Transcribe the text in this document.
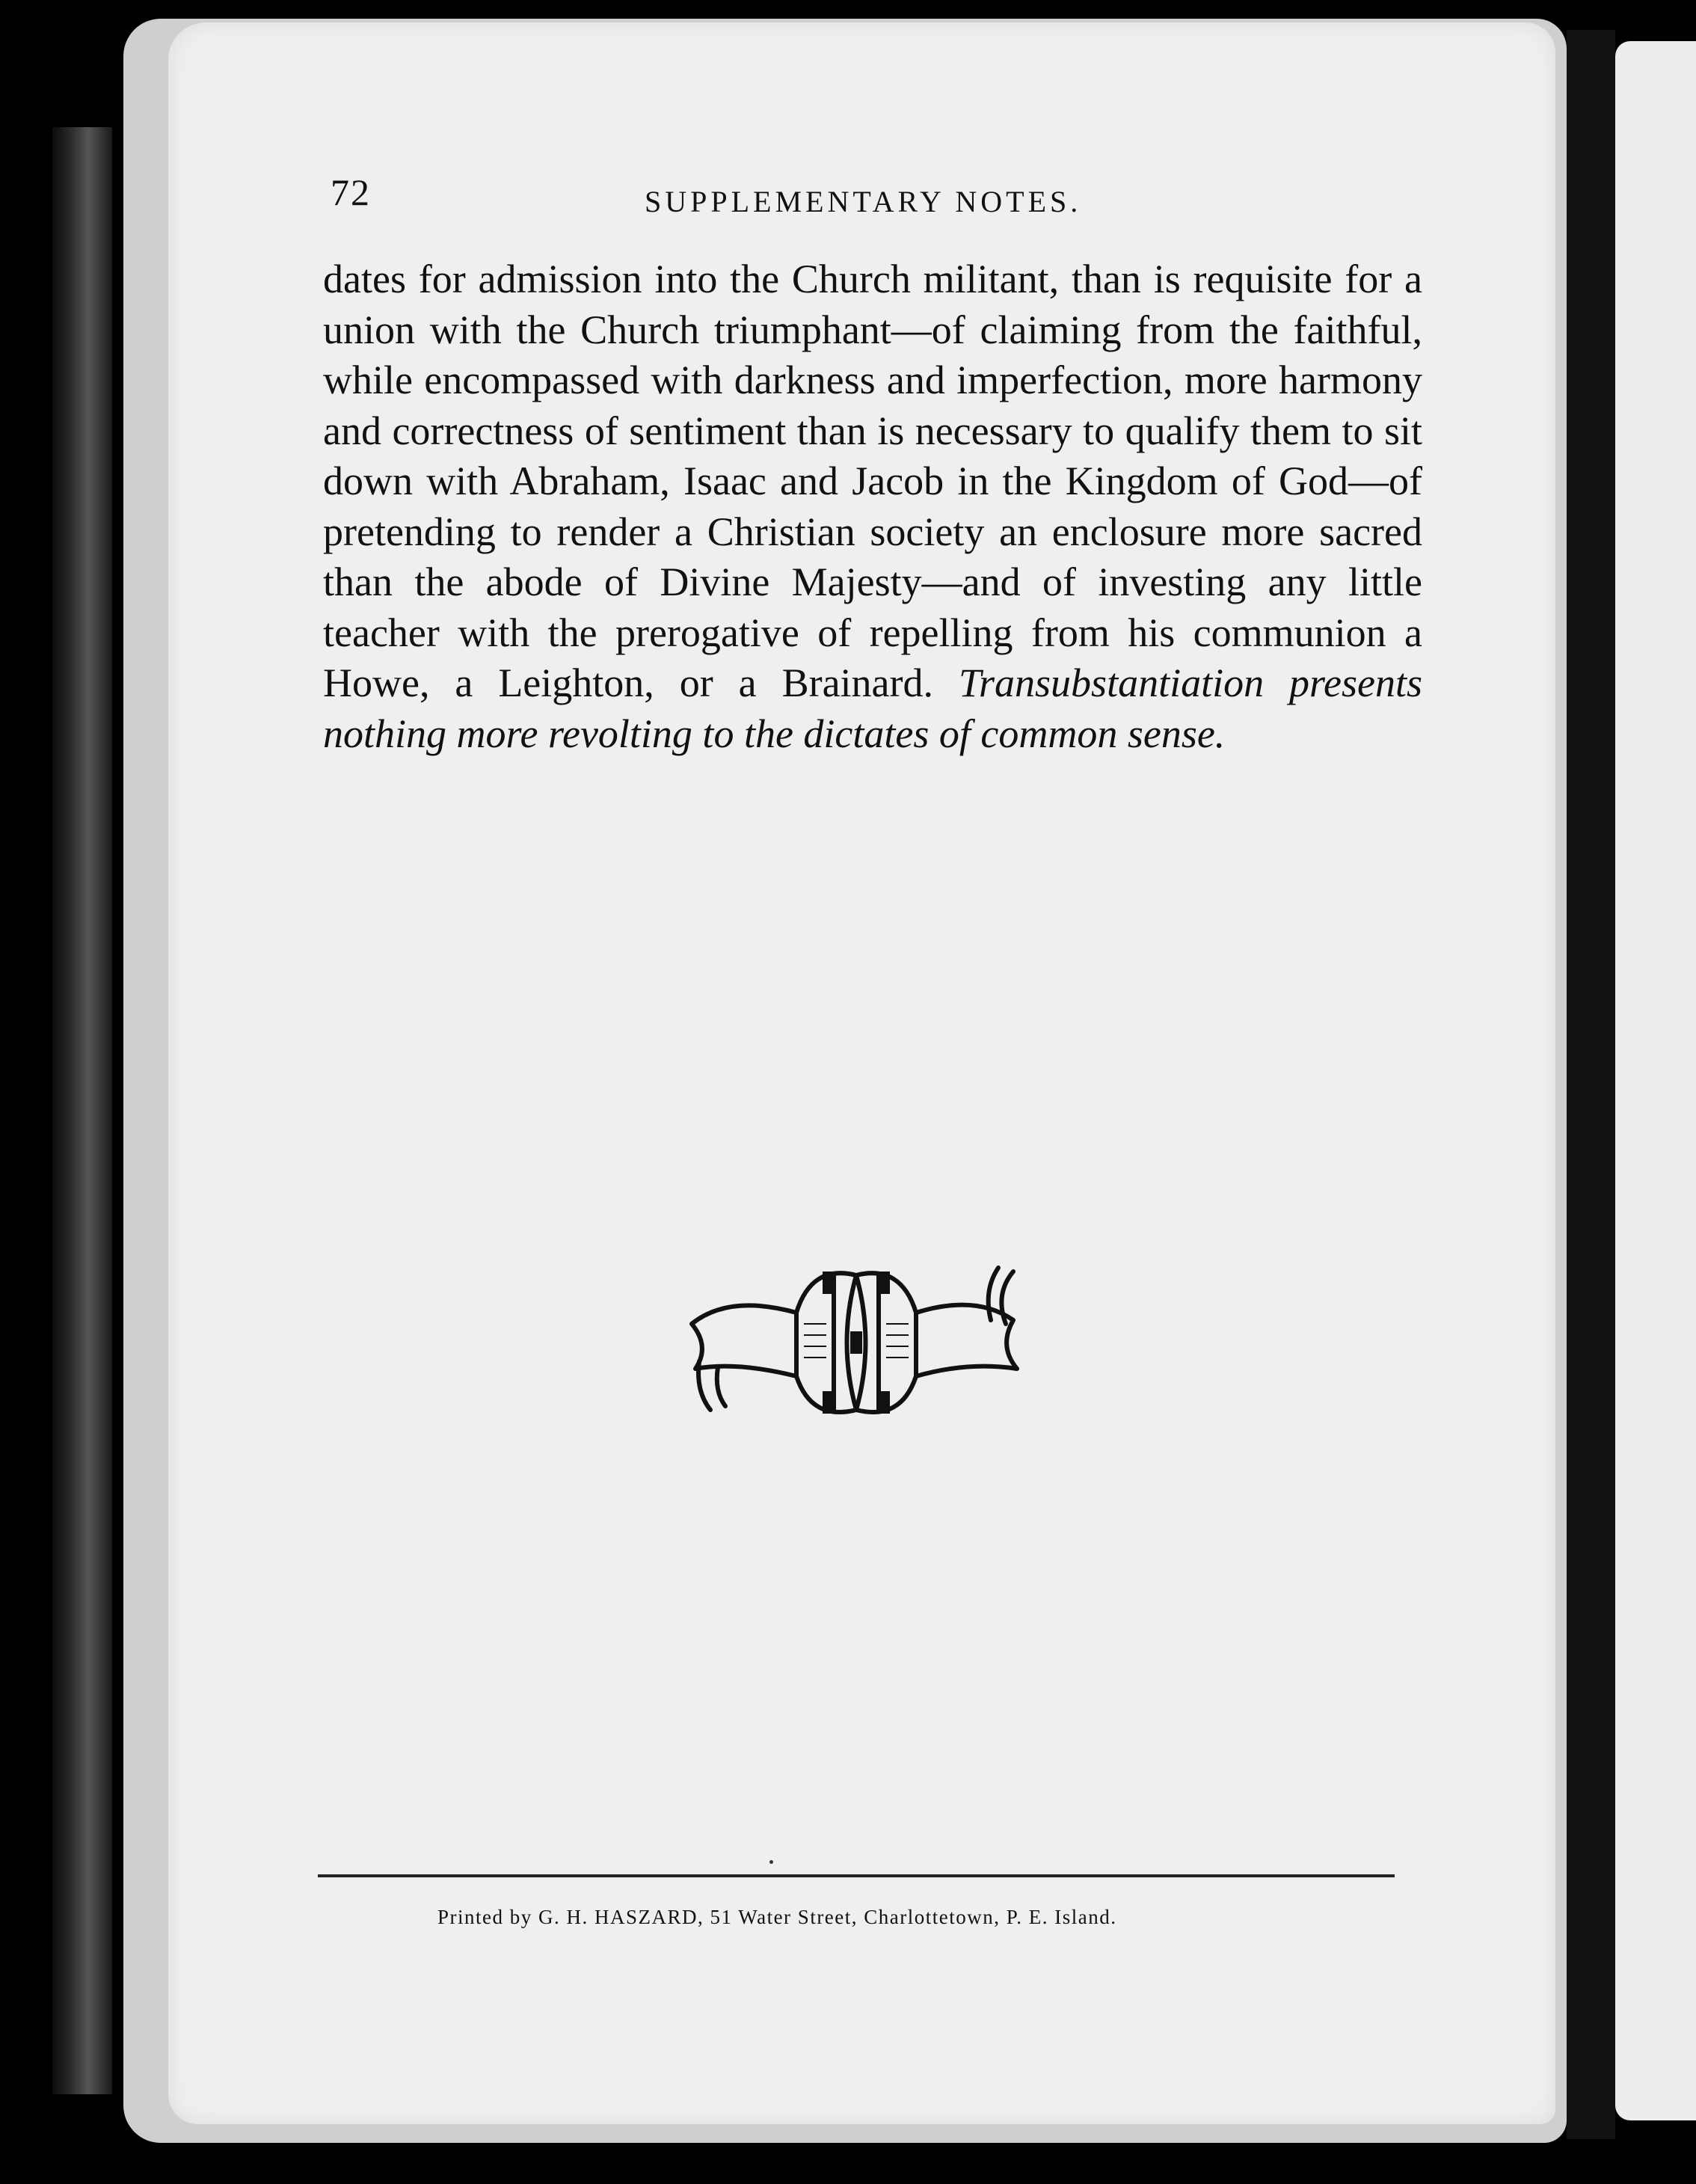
72	SUPPLEMENTARY NOTES.

dates for admission into the Church militant, than is requisite for a union with the Church triumphant—of claiming from the faithful, while encompassed with darkness and imperfection, more harmony and correctness of sentiment than is necessary to qualify them to sit down with Abraham, Isaac and Jacob in the Kingdom of God—of pretending to render a Christian society an enclosure more sacred than the abode of Divine Majesty—and of investing any little teacher with the prerogative of repelling from his communion a Howe, a Leighton, or a Brainard. Transubstantiation presents nothing more revolting to the dictates of common sense.

Printed by G. H. HASZARD, 51 Water Street, Charlottetown, P. E. Island.
